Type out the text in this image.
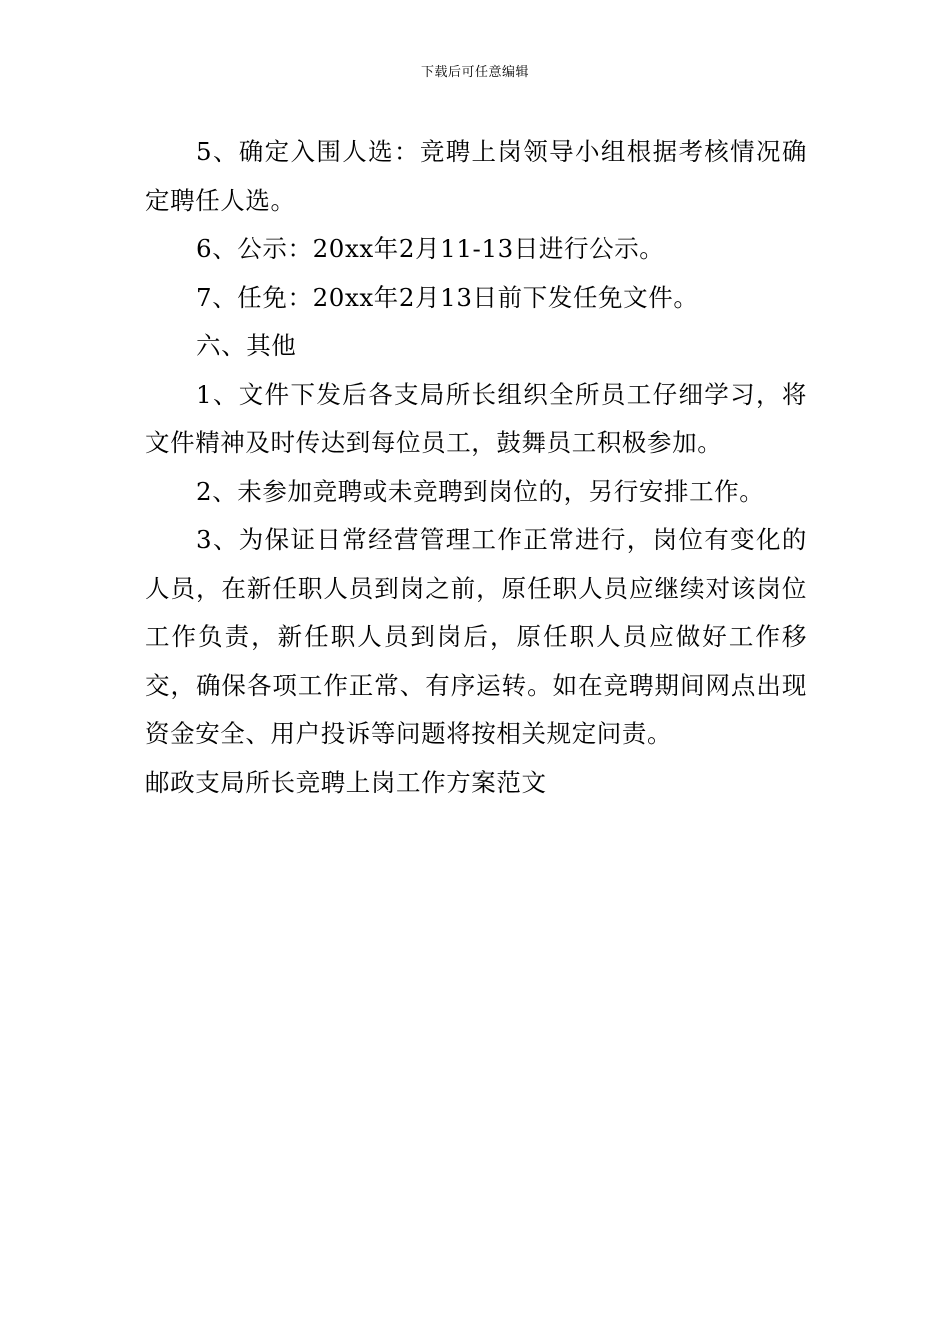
下载后可任意编辑

5、确定入围人选：竞聘上岗领导小组根据考核情况确定聘任人选。

6、公示：20xx年2月11-13日进行公示。

7、任免：20xx年2月13日前下发任免文件。

六、其他

1、文件下发后各支局所长组织全所员工仔细学习，将文件精神及时传达到每位员工，鼓舞员工积极参加。

2、未参加竞聘或未竞聘到岗位的，另行安排工作。

3、为保证日常经营管理工作正常进行，岗位有变化的人员，在新任职人员到岗之前，原任职人员应继续对该岗位工作负责，新任职人员到岗后，原任职人员应做好工作移交，确保各项工作正常、有序运转。如在竞聘期间网点出现资金安全、用户投诉等问题将按相关规定问责。

邮政支局所长竞聘上岗工作方案范文
